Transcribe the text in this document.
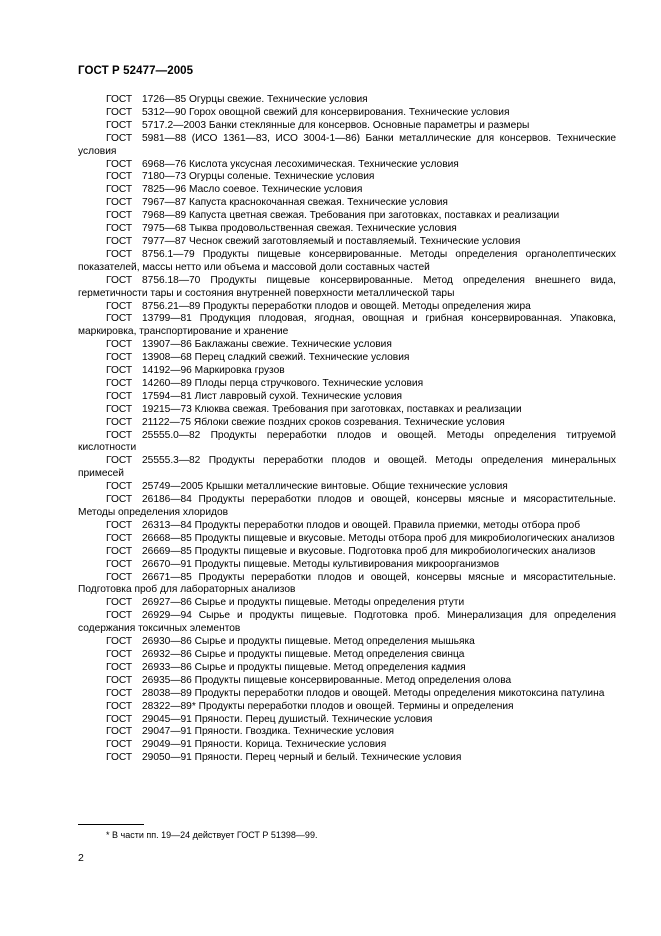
ГОСТ Р 52477—2005

ГОСТ 1726—85 Огурцы свежие. Технические условия

ГОСТ 5312—90 Горох овощной свежий для консервирования. Технические условия

ГОСТ 5717.2—2003 Банки стеклянные для консервов. Основные параметры и размеры

ГОСТ 5981—88 (ИСО 1361—83, ИСО 3004-1—86) Банки металлические для консервов. Технические условия

ГОСТ 6968—76 Кислота уксусная лесохимическая. Технические условия

ГОСТ 7180—73 Огурцы соленые. Технические условия

ГОСТ 7825—96 Масло соевое. Технические условия

ГОСТ 7967—87 Капуста краснокочанная свежая. Технические условия

ГОСТ 7968—89 Капуста цветная свежая. Требования при заготовках, поставках и реализации

ГОСТ 7975—68 Тыква продовольственная свежая. Технические условия

ГОСТ 7977—87 Чеснок свежий заготовляемый и поставляемый. Технические условия

ГОСТ 8756.1—79 Продукты пищевые консервированные. Методы определения органолептических показателей, массы нетто или объема и массовой доли составных частей

ГОСТ 8756.18—70 Продукты пищевые консервированные. Метод определения внешнего вида, герметичности тары и состояния внутренней поверхности металлической тары

ГОСТ 8756.21—89 Продукты переработки плодов и овощей. Методы определения жира

ГОСТ 13799—81 Продукция плодовая, ягодная, овощная и грибная консервированная. Упаковка, маркировка, транспортирование и хранение

ГОСТ 13907—86 Баклажаны свежие. Технические условия

ГОСТ 13908—68 Перец сладкий свежий. Технические условия

ГОСТ 14192—96 Маркировка грузов

ГОСТ 14260—89 Плоды перца стручкового. Технические условия

ГОСТ 17594—81 Лист лавровый сухой. Технические условия

ГОСТ 19215—73 Клюква свежая. Требования при заготовках, поставках и реализации

ГОСТ 21122—75 Яблоки свежие поздних сроков созревания. Технические условия

ГОСТ 25555.0—82 Продукты переработки плодов и овощей. Методы определения титруемой кислотности

ГОСТ 25555.3—82 Продукты переработки плодов и овощей. Методы определения минеральных примесей

ГОСТ 25749—2005 Крышки металлические винтовые. Общие технические условия

ГОСТ 26186—84 Продукты переработки плодов и овощей, консервы мясные и мясорастительные. Методы определения хлоридов

ГОСТ 26313—84 Продукты переработки плодов и овощей. Правила приемки, методы отбора проб

ГОСТ 26668—85 Продукты пищевые и вкусовые. Методы отбора проб для микробиологических анализов

ГОСТ 26669—85 Продукты пищевые и вкусовые. Подготовка проб для микробиологических анализов

ГОСТ 26670—91 Продукты пищевые. Методы культивирования микроорганизмов

ГОСТ 26671—85 Продукты переработки плодов и овощей, консервы мясные и мясорастительные. Подготовка проб для лабораторных анализов

ГОСТ 26927—86 Сырье и продукты пищевые. Методы определения ртути

ГОСТ 26929—94 Сырье и продукты пищевые. Подготовка проб. Минерализация для определения содержания токсичных элементов

ГОСТ 26930—86 Сырье и продукты пищевые. Метод определения мышьяка

ГОСТ 26932—86 Сырье и продукты пищевые. Метод определения свинца

ГОСТ 26933—86 Сырье и продукты пищевые. Метод определения кадмия

ГОСТ 26935—86 Продукты пищевые консервированные. Метод определения олова

ГОСТ 28038—89 Продукты переработки плодов и овощей. Методы определения микотоксина патулина

ГОСТ 28322—89* Продукты переработки плодов и овощей. Термины и определения

ГОСТ 29045—91 Пряности. Перец душистый. Технические условия

ГОСТ 29047—91 Пряности. Гвоздика. Технические условия

ГОСТ 29049—91 Пряности. Корица. Технические условия

ГОСТ 29050—91 Пряности. Перец черный и белый. Технические условия

* В части пп. 19—24 действует ГОСТ Р 51398—99.
2
